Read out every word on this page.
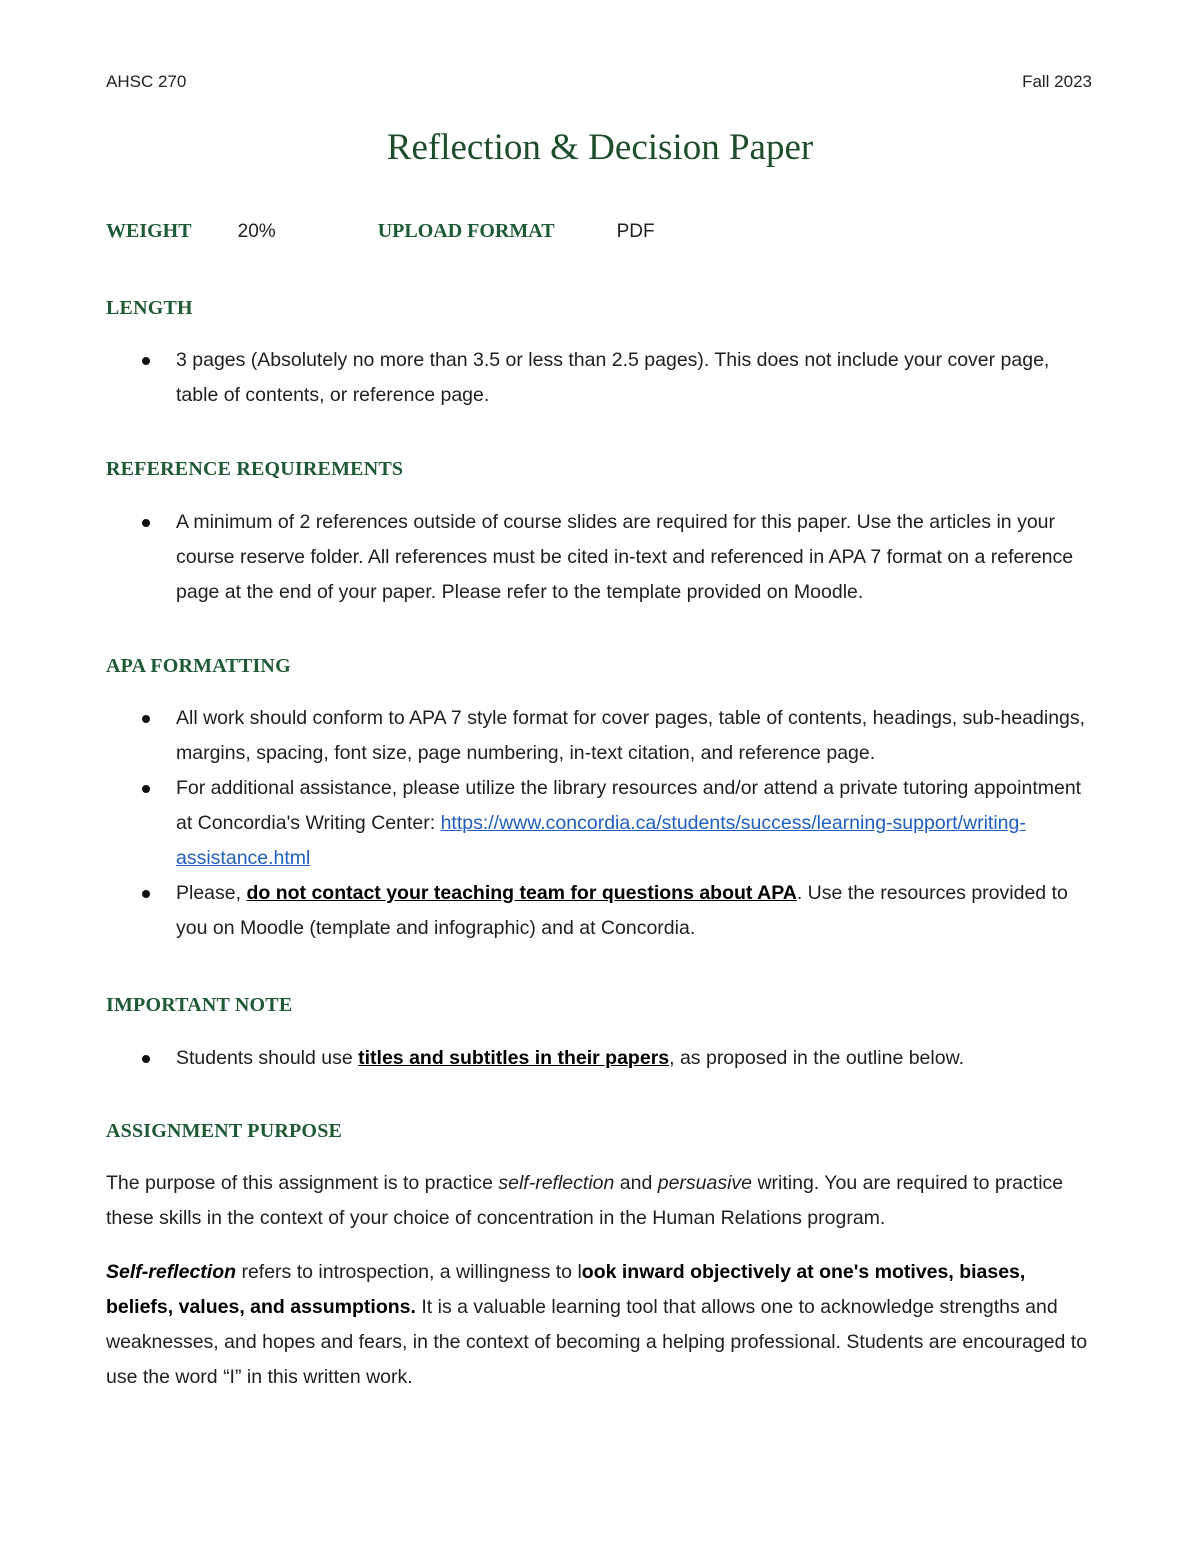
AHSC 270	Fall 2023
Reflection & Decision Paper
WEIGHT 20%	UPLOAD FORMAT	PDF
LENGTH
3 pages (Absolutely no more than 3.5 or less than 2.5 pages). This does not include your cover page, table of contents, or reference page.
REFERENCE REQUIREMENTS
A minimum of 2 references outside of course slides are required for this paper. Use the articles in your course reserve folder. All references must be cited in-text and referenced in APA 7 format on a reference page at the end of your paper. Please refer to the template provided on Moodle.
APA FORMATTING
All work should conform to APA 7 style format for cover pages, table of contents, headings, sub-headings, margins, spacing, font size, page numbering, in-text citation, and reference page.
For additional assistance, please utilize the library resources and/or attend a private tutoring appointment at Concordia's Writing Center: https://www.concordia.ca/students/success/learning-support/writing-assistance.html
Please, do not contact your teaching team for questions about APA. Use the resources provided to you on Moodle (template and infographic) and at Concordia.
IMPORTANT NOTE
Students should use titles and subtitles in their papers, as proposed in the outline below.
ASSIGNMENT PURPOSE

The purpose of this assignment is to practice self-reflection and persuasive writing. You are required to practice these skills in the context of your choice of concentration in the Human Relations program.

Self-reflection refers to introspection, a willingness to look inward objectively at one's motives, biases, beliefs, values, and assumptions. It is a valuable learning tool that allows one to acknowledge strengths and weaknesses, and hopes and fears, in the context of becoming a helping professional. Students are encouraged to use the word “I” in this written work.
